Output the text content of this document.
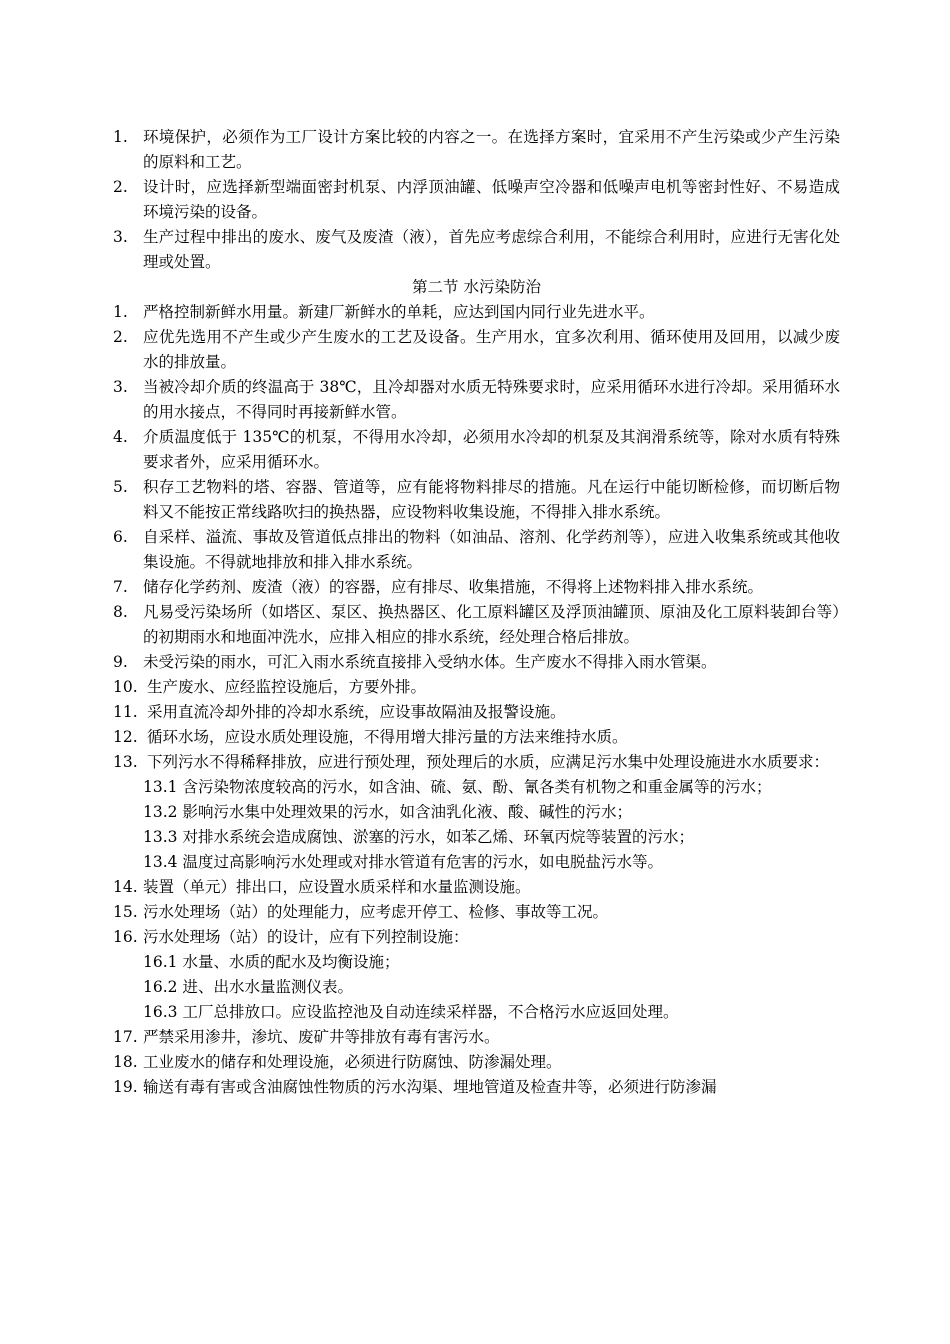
1. 环境保护，必须作为工厂设计方案比较的内容之一。在选择方案时，宜采用不产生污染或少产生污染的原料和工艺。
2. 设计时，应选择新型端面密封机泵、内浮顶油罐、低噪声空冷器和低噪声电机等密封性好、不易造成环境污染的设备。
3. 生产过程中排出的废水、废气及废渣（液），首先应考虑综合利用，不能综合利用时，应进行无害化处理或处置。
第二节 水污染防治
1. 严格控制新鲜水用量。新建厂新鲜水的单耗，应达到国内同行业先进水平。
2. 应优先选用不产生或少产生废水的工艺及设备。生产用水，宜多次利用、循环使用及回用，以减少废水的排放量。
3. 当被冷却介质的终温高于 38℃，且冷却器对水质无特殊要求时，应采用循环水进行冷却。采用循环水的用水接点，不得同时再接新鲜水管。
4. 介质温度低于 135℃的机泵，不得用水冷却，必须用水冷却的机泵及其润滑系统等，除对水质有特殊要求者外，应采用循环水。
5. 积存工艺物料的塔、容器、管道等，应有能将物料排尽的措施。凡在运行中能切断检修，而切断后物料又不能按正常线路吹扫的换热器，应设物料收集设施，不得排入排水系统。
6. 自采样、溢流、事故及管道低点排出的物料（如油品、溶剂、化学药剂等），应进入收集系统或其他收集设施。不得就地排放和排入排水系统。
7. 储存化学药剂、废渣（液）的容器，应有排尽、收集措施，不得将上述物料排入排水系统。
8. 凡易受污染场所（如塔区、泵区、换热器区、化工原料罐区及浮顶油罐顶、原油及化工原料装卸台等）的初期雨水和地面冲洗水，应排入相应的排水系统，经处理合格后排放。
9. 未受污染的雨水，可汇入雨水系统直接排入受纳水体。生产废水不得排入雨水管渠。
10. 生产废水、应经监控设施后，方要外排。
11. 采用直流冷却外排的冷却水系统，应设事故隔油及报警设施。
12. 循环水场，应设水质处理设施，不得用增大排污量的方法来维持水质。
13. 下列污水不得稀释排放，应进行预处理，预处理后的水质，应满足污水集中处理设施进水水质要求：
13.1 含污染物浓度较高的污水，如含油、硫、氨、酚、氰各类有机物之和重金属等的污水；
13.2 影响污水集中处理效果的污水，如含油乳化液、酸、碱性的污水；
13.3 对排水系统会造成腐蚀、淤塞的污水，如苯乙烯、环氧丙烷等装置的污水；
13.4 温度过高影响污水处理或对排水管道有危害的污水，如电脱盐污水等。
14. 装置（单元）排出口，应设置水质采样和水量监测设施。
15. 污水处理场（站）的处理能力，应考虑开停工、检修、事故等工况。
16. 污水处理场（站）的设计，应有下列控制设施：
16.1 水量、水质的配水及均衡设施；
16.2 进、出水水量监测仪表。
16.3 工厂总排放口。应设监控池及自动连续采样器，不合格污水应返回处理。
17. 严禁采用渗井，渗坑、废矿井等排放有毒有害污水。
18. 工业废水的储存和处理设施，必须进行防腐蚀、防渗漏处理。
19. 输送有毒有害或含油腐蚀性物质的污水沟渠、埋地管道及检查井等，必须进行防渗漏
